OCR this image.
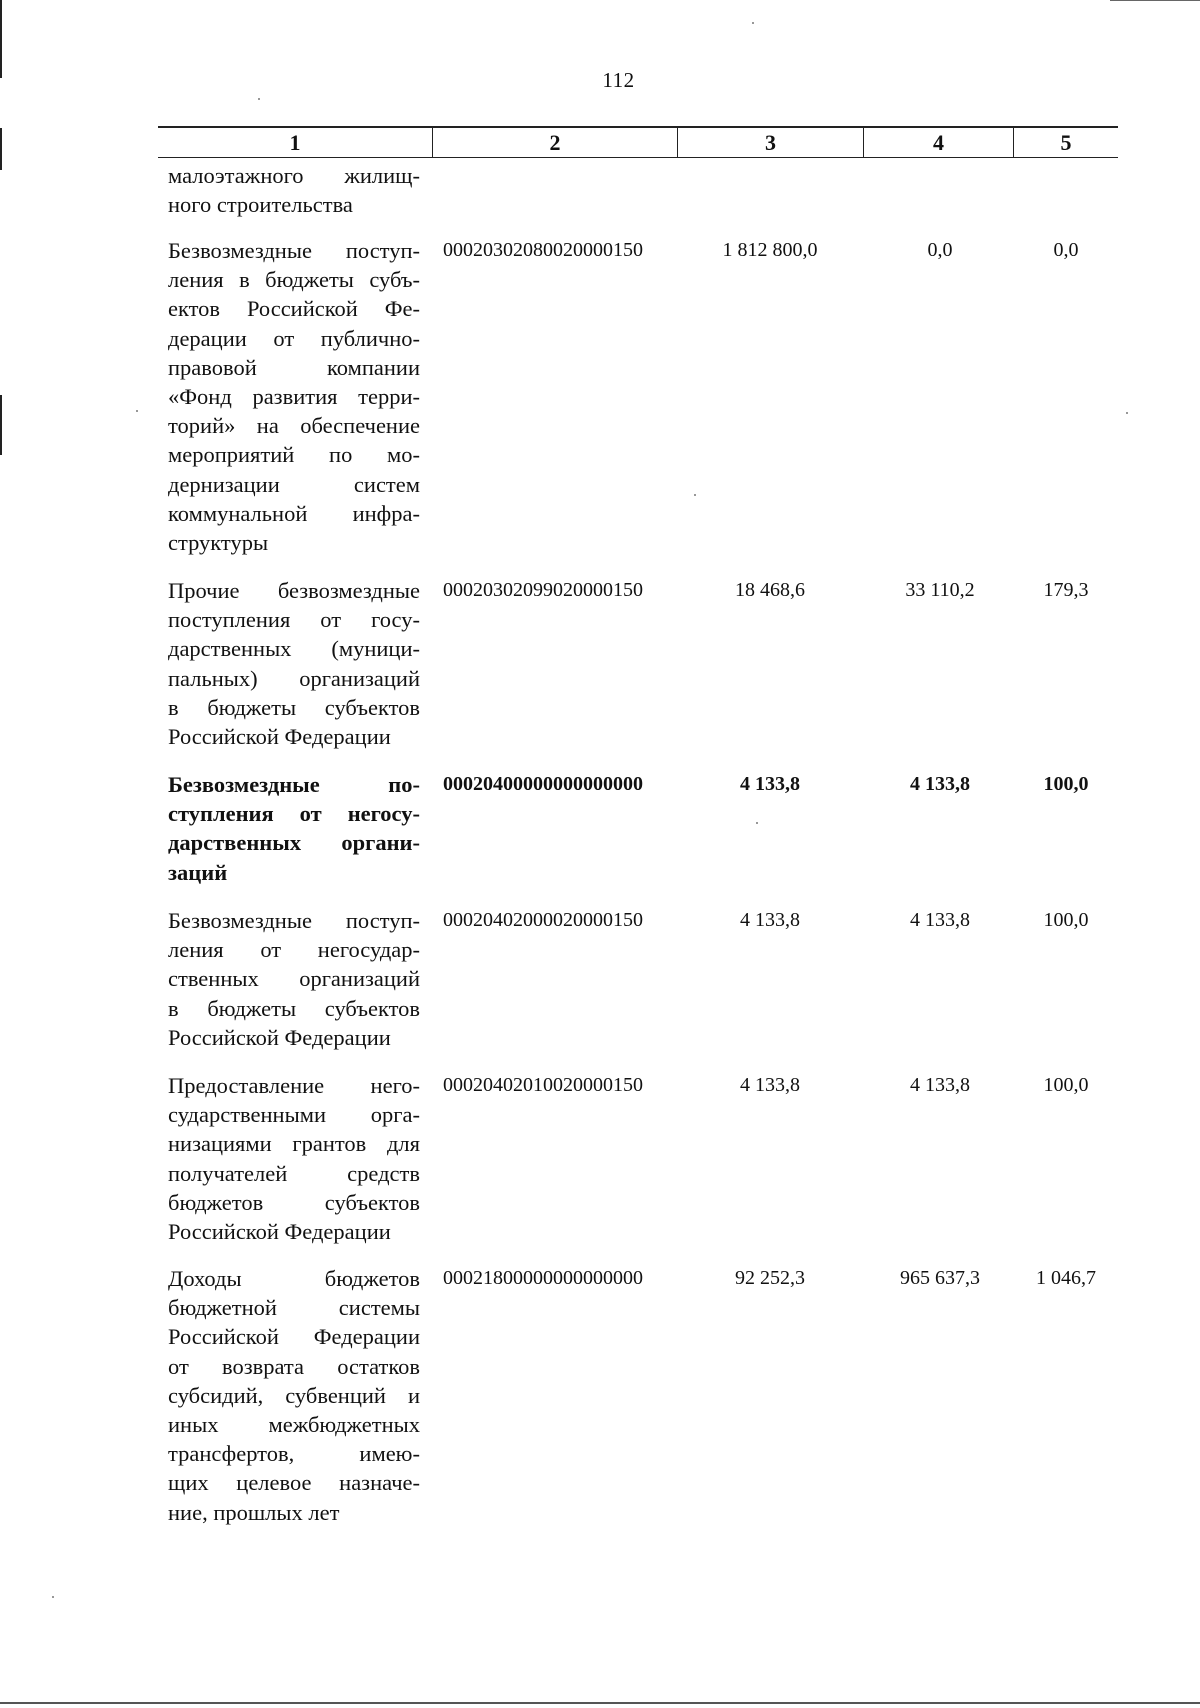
112
1	2	3	4	5
малоэтажного жилищ-
ного строительства
Безвозмездные поступ-
ления в бюджеты субъ-
ектов Российской Фе-
дерации от публично-
правовой компании
«Фонд развития терри-
торий» на обеспечение
мероприятий по мо-
дернизации систем
коммунальной инфра-
структуры
00020302080020000150	1 812 800,0	0,0	0,0
Прочие безвозмездные
поступления от госу-
дарственных (муници-
пальных) организаций
в бюджеты субъектов
Российской Федерации
00020302099020000150	18 468,6	33 110,2	179,3
Безвозмездные по-
ступления от негосу-
дарственных органи-
заций
00020400000000000000	4 133,8	4 133,8	100,0
Безвозмездные поступ-
ления от негосудар-
ственных организаций
в бюджеты субъектов
Российской Федерации
00020402000020000150	4 133,8	4 133,8	100,0
Предоставление него-
сударственными орга-
низациями грантов для
получателей средств
бюджетов субъектов
Российской Федерации
00020402010020000150	4 133,8	4 133,8	100,0
Доходы бюджетов
бюджетной системы
Российской Федерации
от возврата остатков
субсидий, субвенций и
иных межбюджетных
трансфертов, имею-
щих целевое назначе-
ние, прошлых лет
00021800000000000000	92 252,3	965 637,3	1 046,7
